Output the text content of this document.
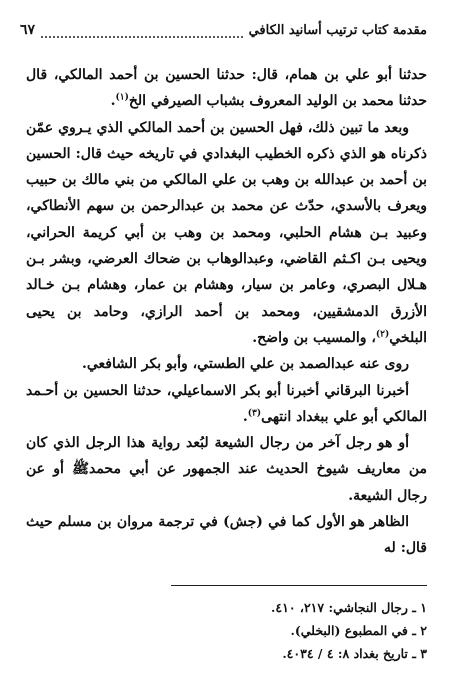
مقدمة كتاب ترتيب أسانيد الكافي
٦٧

حدثنا أبو علي بن همام، قال: حدثنا الحسين بن أحمد المالكي، قال حدثنا محمد بن الوليد المعروف بشباب الصيرفي الخ$^{(١)}$.

وبعد ما تبين ذلك، فهل الحسين بن أحمد المالكي الذي يـروي عمّن ذكرناه هو الذي ذكره الخطيب البغدادي في تاريخه حيث قال: الحسين بن أحمد بن عبدالله بن وهب بن علي المالكي من بني مالك بن حبيب ويعرف بالأسدي، حدّث عن محمد بن عبدالرحمن بن سهم الأنطاكي، وعبيد بـن هشام الحلبي، ومحمد بن وهب بن أبي كريمة الحراني، ويحيى بـن اكـثم القاضي، وعبدالوهاب بن ضحاك العرضي، وبشر بـن هـلال البصري، وعامر بن سيار، وهشام بن عمار، وهشام بـن خـالد الأزرق الدمشقيين، ومحمد بن أحمد الرازي، وحامد بن يحيى البلخي$^{(٢)}$، والمسيب بن واضح.

روى عنه عبدالصمد بن علي الطستي، وأبو بكر الشافعي.

أخبرنا البرقاني أخبرنا أبو بكر الاسماعيلي، حدثنا الحسين بن أحـمد المالكي أبو علي ببغداد انتهى$^{(٣)}$.

أو هو رجل آخر من رجال الشيعة لبُعد رواية هذا الرجل الذي كان من معاريف شيوخ الحديث عند الجمهور عن أبي محمدﷺ أو عن رجال الشيعة.

الظاهر هو الأول كما في (جش) في ترجمة مروان بن مسلم حيث قال: له

١ ـ رجال النجاشي: ٢١٧، ٤١٠.
٢ ـ في المطبوع (البخلي).
٣ ـ تاريخ بغداد ٨: ٤ / ٤٠٣٤.
